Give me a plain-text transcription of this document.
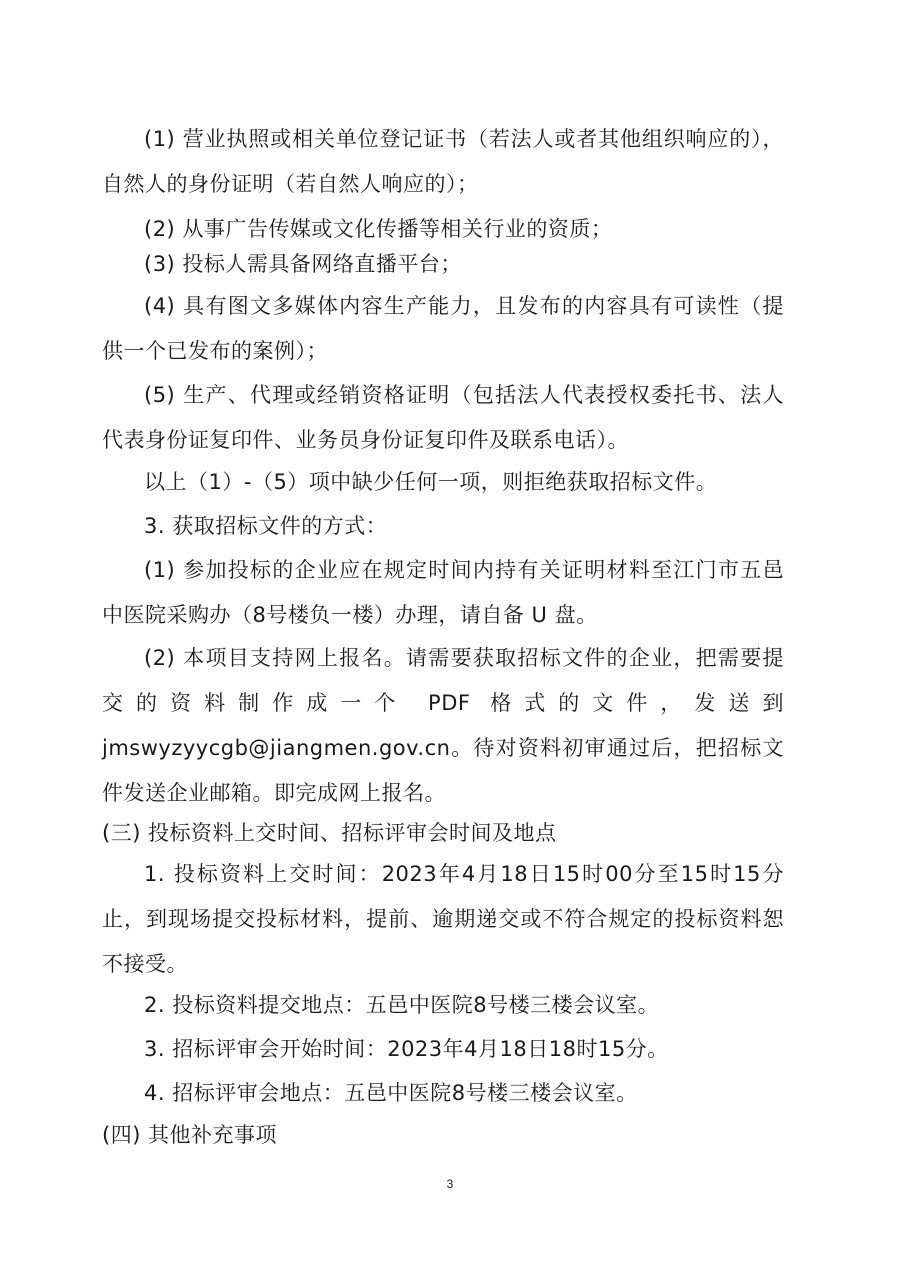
(1) 营业执照或相关单位登记证书（若法人或者其他组织响应的），自然人的身份证明（若自然人响应的）；
(2) 从事广告传媒或文化传播等相关行业的资质；
(3) 投标人需具备网络直播平台；
(4) 具有图文多媒体内容生产能力，且发布的内容具有可读性（提供一个已发布的案例）；
(5) 生产、代理或经销资格证明（包括法人代表授权委托书、法人代表身份证复印件、业务员身份证复印件及联系电话）。
以上（1）-（5）项中缺少任何一项，则拒绝获取招标文件。
3. 获取招标文件的方式：
(1) 参加投标的企业应在规定时间内持有关证明材料至江门市五邑中医院采购办（8号楼负一楼）办理，请自备 U 盘。
(2) 本项目支持网上报名。请需要获取招标文件的企业，把需要提交的资料制作成一个 PDF 格式的文件，发送到jmswyzyycgb@jiangmen.gov.cn。待对资料初审通过后，把招标文件发送企业邮箱。即完成网上报名。
(三) 投标资料上交时间、招标评审会时间及地点
1. 投标资料上交时间：2023年4月18日15时00分至15时15分止，到现场提交投标材料，提前、逾期递交或不符合规定的投标资料恕不接受。
2. 投标资料提交地点：五邑中医院8号楼三楼会议室。
3. 招标评审会开始时间：2023年4月18日18时15分。
4. 招标评审会地点：五邑中医院8号楼三楼会议室。
(四) 其他补充事项
3
